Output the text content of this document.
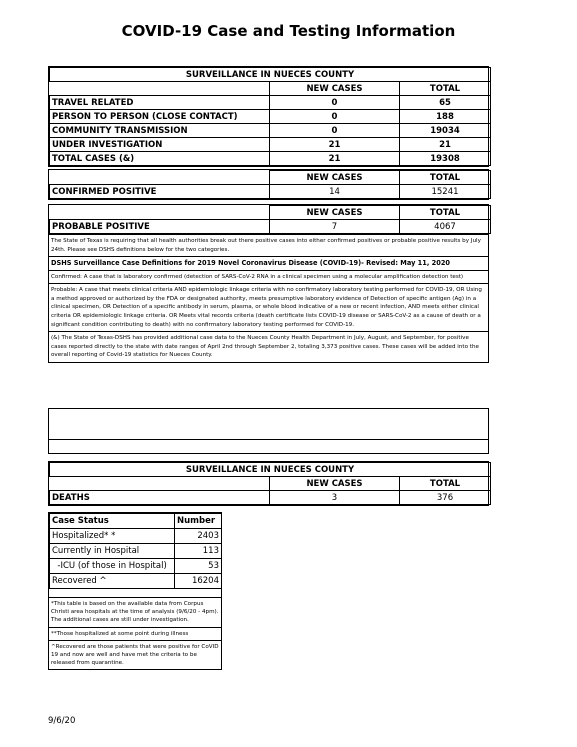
COVID-19 Case and Testing Information
SURVEILLANCE IN NUECES COUNTY		
	NEW CASES	TOTAL
TRAVEL RELATED	0	65
PERSON TO PERSON (CLOSE CONTACT)	0	188
COMMUNITY TRANSMISSION	0	19034
UNDER INVESTIGATION	21	21
TOTAL CASES (&)	21	19308
	NEW CASES	TOTAL
CONFIRMED POSITIVE	14	15241
	NEW CASES	TOTAL
PROBABLE POSITIVE	7	4067
The State of Texas is requiring that all health authorities break out there positive cases into either confirmed positives or probable positive results by July 24th. Please see DSHS definitions below for the two categories.
DSHS Surveillance Case Definitions for 2019 Novel Coronavirus Disease (COVID-19)- Revised: May 11, 2020
Confirmed: A case that is laboratory confirmed (detection of SARS-CoV-2 RNA in a clinical specimen using a molecular amplification detection test)
Probable: A case that meets clinical criteria AND epidemiologic linkage criteria with no confirmatory laboratory testing performed for COVID-19, OR Using a method approved or authorized by the FDA or designated authority, meets presumptive laboratory evidence of Detection of specific antigen (Ag) in a clinical specimen, OR Detection of a specific antibody in serum, plasma, or whole blood indicative of a new or recent infection, AND meets either clinical criteria OR epidemiologic linkage criteria. OR Meets vital records criteria (death certificate lists COVID-19 disease or SARS-CoV-2 as a cause of death or a significant condition contributing to death) with no confirmatory laboratory testing performed for COVID-19.
(&) The State of Texas-DSHS has provided additional case data to the Nueces County Health Department in July, August, and September, for positive cases reported directly to the state with date ranges of April 2nd through September 2, totaling 3,373 positive cases. These cases will be added into the overall reporting of Covid-19 statistics for Nueces County.
SURVEILLANCE IN NUECES COUNTY		
	NEW CASES	TOTAL
DEATHS	3	376
Case Status	Number
Hospitalized* *	2403
Currently in Hospital	113
-ICU (of those in Hospital)	53
Recovered ^	16204
*This table is based on the available data from Corpus Christi area hospitals at the time of analysis (9/6/20 - 4pm). The additional cases are still under investigation.
**Those hospitalized at some point during illness
^Recovered are those patients that were positive for CoVID 19 and now are well and have met the criteria to be released from quarantine.
9/6/20
